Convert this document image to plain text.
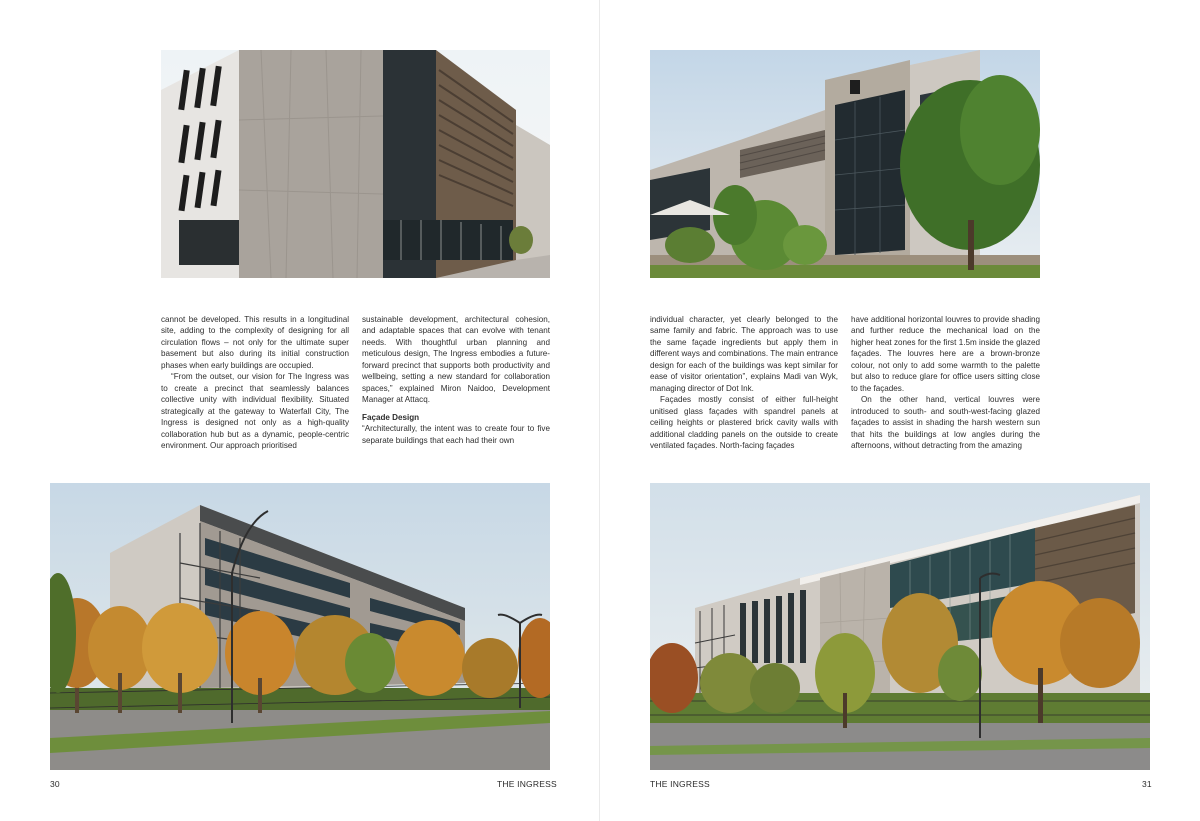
cannot be developed. This results in a longitudinal site, adding to the complexity of designing for all circulation flows – not only for the ultimate super basement but also during its initial construction phases when early buildings are occupied.

“From the outset, our vision for The Ingress was to create a precinct that seamlessly balances collective unity with individual flexibility. Situated strategically at the gateway to Waterfall City, The Ingress is designed not only as a high-quality collaboration hub but as a dynamic, people-centric environment. Our approach prioritised

sustainable development, architectural cohesion, and adaptable spaces that can evolve with tenant needs. With thoughtful urban planning and meticulous design, The Ingress embodies a future-forward precinct that supports both productivity and wellbeing, setting a new standard for collaboration spaces,” explained Miron Naidoo, Development Manager at Attacq.

Façade Design

“Architecturally, the intent was to create four to five separate buildings that each had their own

30	THE INGRESS

individual character, yet clearly belonged to the same family and fabric. The approach was to use the same façade ingredients but apply them in different ways and combinations. The main entrance design for each of the buildings was kept similar for ease of visitor orientation”, explains Madi van Wyk, managing director of Dot Ink.

Façades mostly consist of either full-height unitised glass façades with spandrel panels at ceiling heights or plastered brick cavity walls with additional cladding panels on the outside to create ventilated façades. North-facing façades

have additional horizontal louvres to provide shading and further reduce the mechanical load on the higher heat zones for the first 1.5m inside the glazed façades. The louvres here are a brown-bronze colour, not only to add some warmth to the palette but also to reduce glare for office users sitting close to the façades.

On the other hand, vertical louvres were introduced to south- and south-west-facing glazed façades to assist in shading the harsh western sun that hits the buildings at low angles during the afternoons, without detracting from the amazing

THE INGRESS	31
